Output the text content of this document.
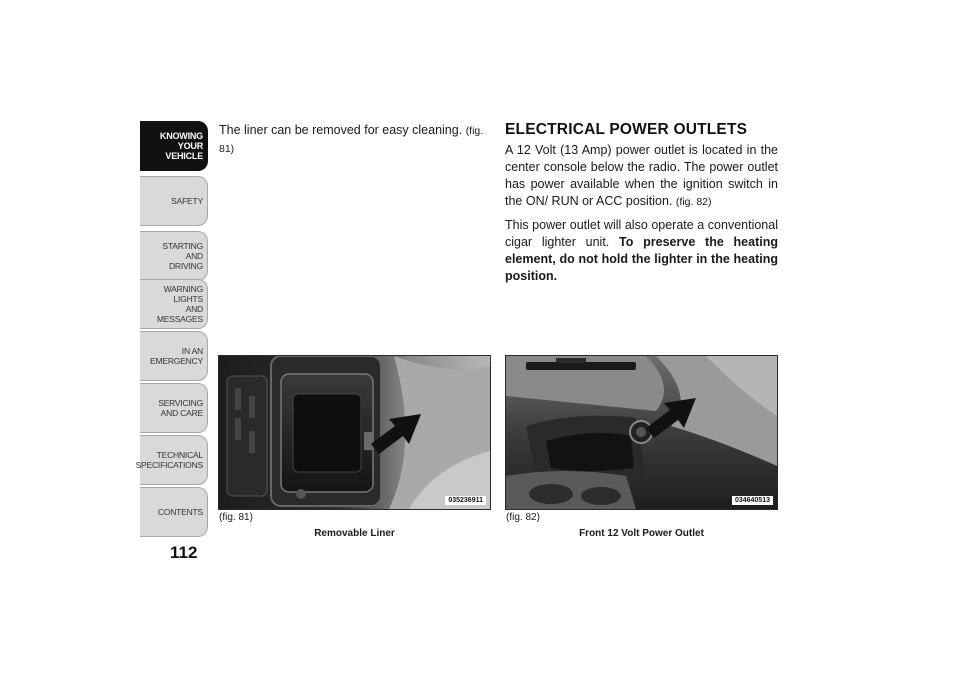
KNOWING
YOUR
VEHICLE
SAFETY
STARTING
AND
DRIVING
WARNING
LIGHTS
AND
MESSAGES
IN AN
EMERGENCY
SERVICING
AND CARE
TECHNICAL
SPECIFICATIONS
CONTENTS
112
The liner can be removed for easy cleaning. (fig. 81)
ELECTRICAL POWER OUTLETS

A 12 Volt (13 Amp) power outlet is located in the center console below the radio. The power outlet has power available when the ignition switch in the ON/ RUN or ACC position. (fig. 82)

This power outlet will also operate a conventional cigar lighter unit. To preserve the heating element, do not hold the lighter in the heating position.

035236911
(fig. 81)
Removable Liner
034640513
(fig. 82)
Front 12 Volt Power Outlet
